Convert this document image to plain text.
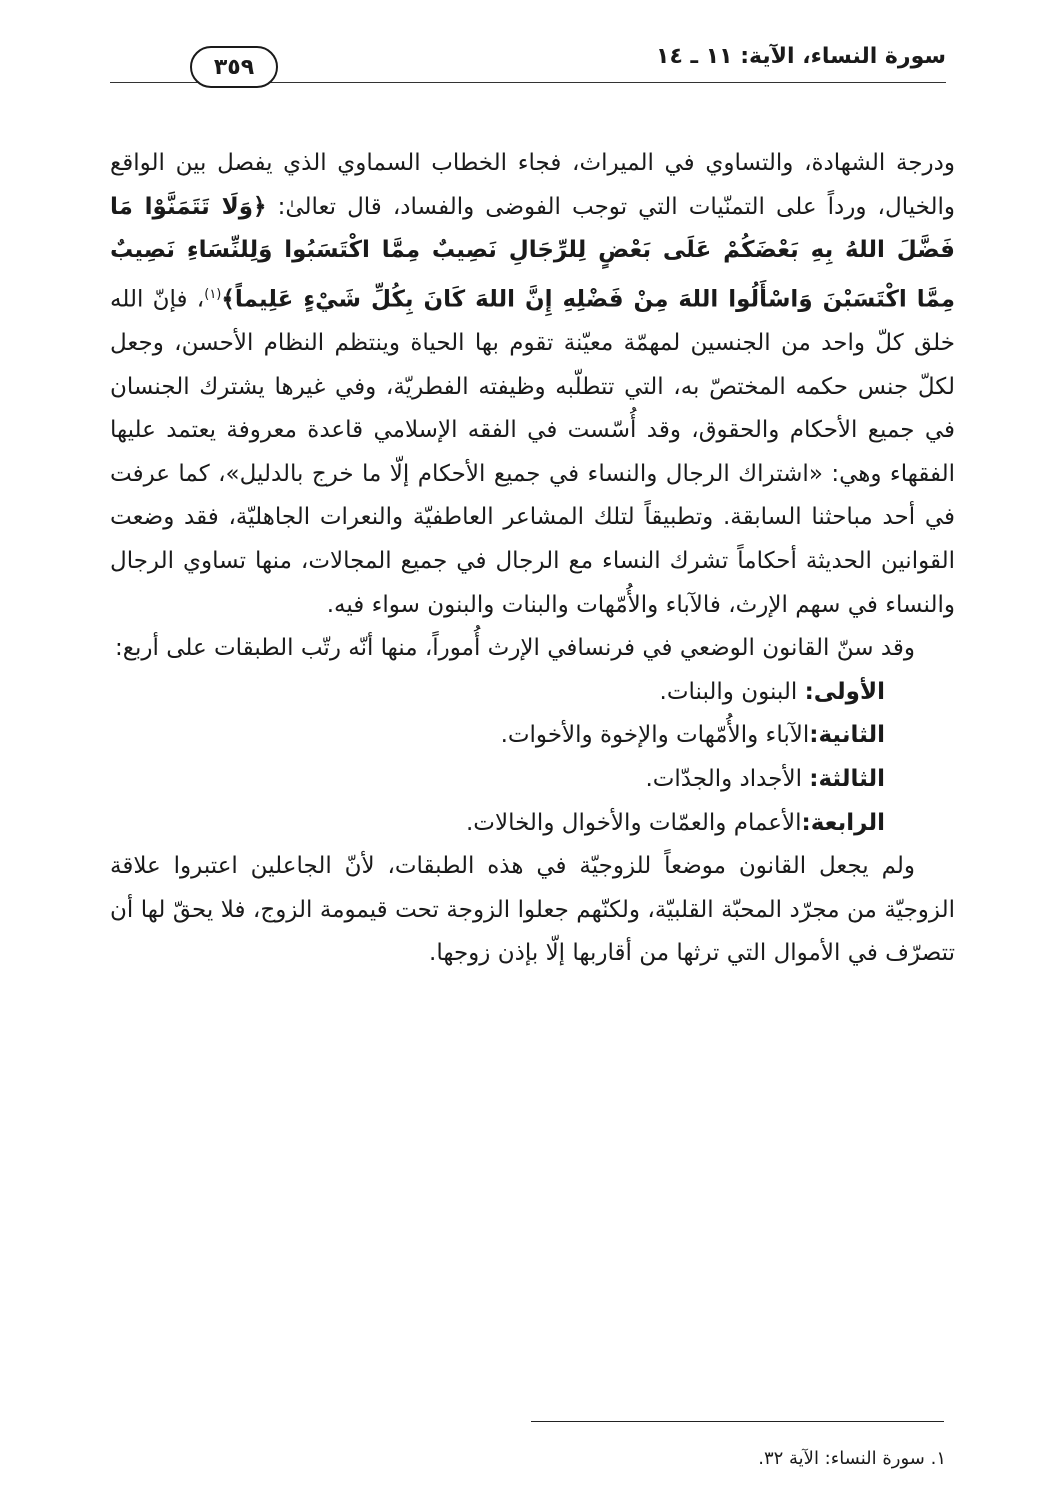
سورة النساء، الآية: ١١ ـ ١٤
٣٥٩

ودرجة الشهادة، والتساوي في الميراث، فجاء الخطاب السماوي الذي يفصل بين الواقع والخيال، ورداً على التمنّيات التي توجب الفوضى والفساد، قال تعالىٰ: ﴿وَلَا تَتَمَنَّوْا مَا فَضَّلَ اللهُ بِهِ بَعْضَكُمْ عَلَى بَعْضٍ لِلرِّجَالِ نَصِيبٌ مِمَّا اكْتَسَبُوا وَلِلنِّسَاءِ نَصِيبٌ مِمَّا اكْتَسَبْنَ وَاسْأَلُوا اللهَ مِنْ فَضْلِهِ إِنَّ اللهَ كَانَ بِكُلِّ شَيْءٍ عَلِيماً﴾$^{(١)}$، فإنّ الله خلق كلّ واحد من الجنسين لمهمّة معيّنة تقوم بها الحياة وينتظم النظام الأحسن، وجعل لكلّ جنس حكمه المختصّ به، التي تتطلّبه وظيفته الفطريّة، وفي غيرها يشترك الجنسان في جميع الأحكام والحقوق، وقد أُسّست في الفقه الإسلامي قاعدة معروفة يعتمد عليها الفقهاء وهي: «اشتراك الرجال والنساء في جميع الأحكام إلّا ما خرج بالدليل»، كما عرفت في أحد مباحثنا السابقة. وتطبيقاً لتلك المشاعر العاطفيّة والنعرات الجاهليّة، فقد وضعت القوانين الحديثة أحكاماً تشرك النساء مع الرجال في جميع المجالات، منها تساوي الرجال والنساء في سهم الإرث، فالآباء والأُمّهات والبنات والبنون سواء فيه.

وقد سنّ القانون الوضعي في فرنسافي الإرث أُموراً، منها أنّه رتّب الطبقات على أربع:

الأولى: البنون والبنات.

الثانية:الآباء والأُمّهات والإخوة والأخوات.

الثالثة: الأجداد والجدّات.

الرابعة:الأعمام والعمّات والأخوال والخالات.

ولم يجعل القانون موضعاً للزوجيّة في هذه الطبقات، لأنّ الجاعلين اعتبروا علاقة الزوجيّة من مجرّد المحبّة القلبيّة، ولكنّهم جعلوا الزوجة تحت قيمومة الزوج، فلا يحقّ لها أن تتصرّف في الأموال التي ترثها من أقاربها إلّا بإذن زوجها.

١. سورة النساء: الآية ٣٢.
